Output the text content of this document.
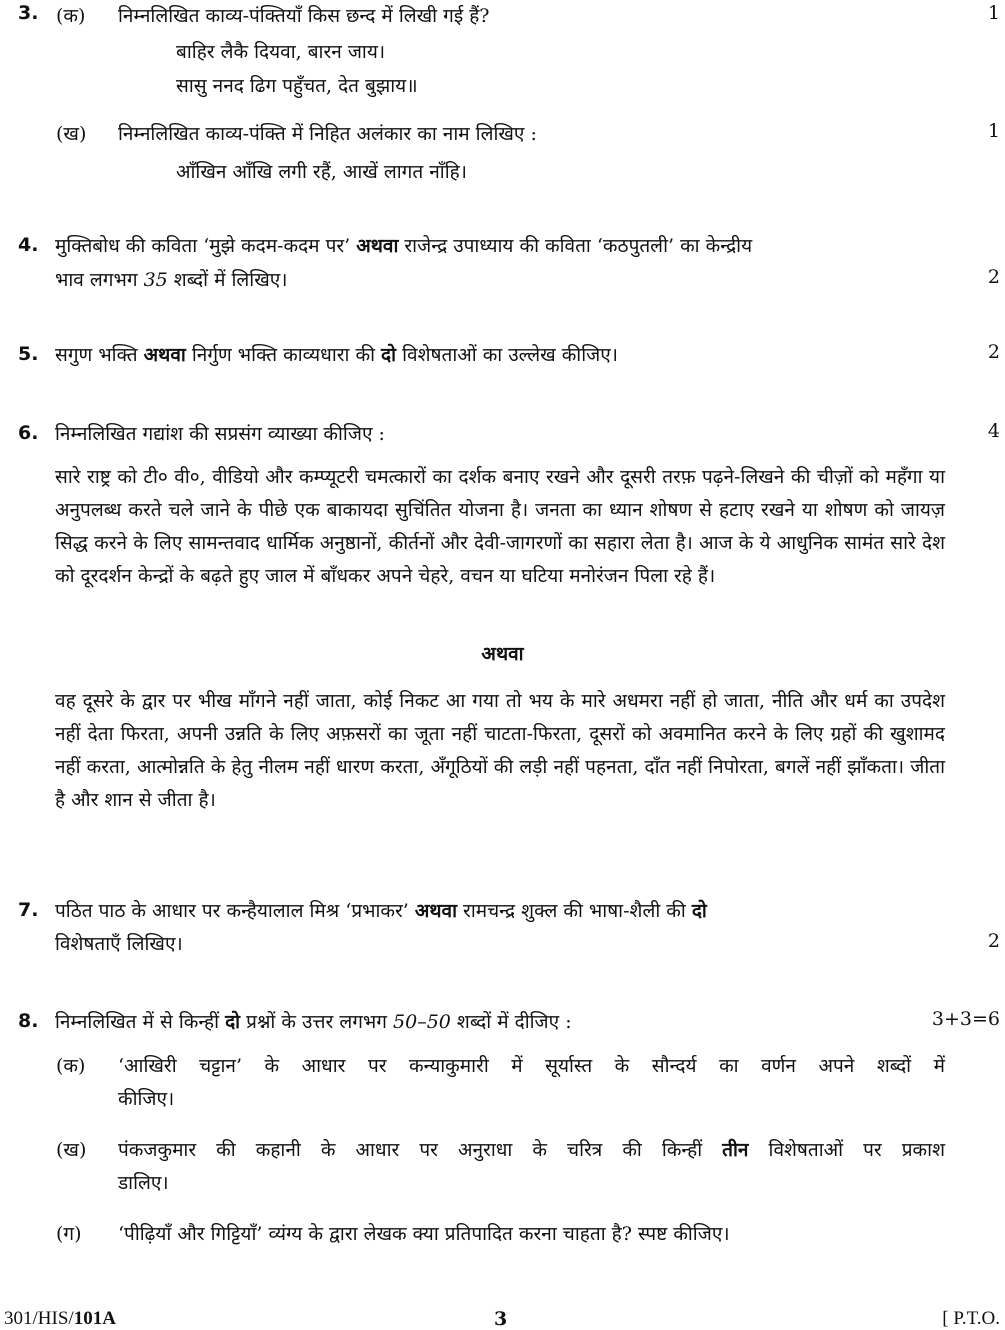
3. (क) निम्नलिखित काव्य-पंक्तियाँ किस छन्द में लिखी गई हैं?	1
बाहिर लैकै दियवा, बारन जाय।
सासु ननद ढिग पहुँचत, देत बुझाय॥
(ख) निम्नलिखित काव्य-पंक्ति में निहित अलंकार का नाम लिखिए :	1
आँखिन आँखि लगी रहैं, आखें लागत नाँहि।
4. मुक्तिबोध की कविता ‘मुझे कदम-कदम पर’ अथवा राजेन्द्र उपाध्याय की कविता ‘कठपुतली’ का केन्द्रीय
भाव लगभग 35 शब्दों में लिखिए।	2
5. सगुण भक्ति अथवा निर्गुण भक्ति काव्यधारा की दो विशेषताओं का उल्लेख कीजिए।	2
6. निम्नलिखित गद्यांश की सप्रसंग व्याख्या कीजिए :	4
सारे राष्ट्र को टी० वी०, वीडियो और कम्प्यूटरी चमत्कारों का दर्शक बनाए रखने और दूसरी तरफ़ पढ़ने-लिखने की चीज़ों को महँगा या अनुपलब्ध करते चले जाने के पीछे एक बाकायदा सुचिंतित योजना है। जनता का ध्यान शोषण से हटाए रखने या शोषण को जायज़ सिद्ध करने के लिए सामन्तवाद धार्मिक अनुष्ठानों, कीर्तनों और देवी-जागरणों का सहारा लेता है। आज के ये आधुनिक सामंत सारे देश को दूरदर्शन केन्द्रों के बढ़ते हुए जाल में बाँधकर अपने चेहरे, वचन या घटिया मनोरंजन पिला रहे हैं।
अथवा
वह दूसरे के द्वार पर भीख माँगने नहीं जाता, कोई निकट आ गया तो भय के मारे अधमरा नहीं हो जाता, नीति और धर्म का उपदेश नहीं देता फिरता, अपनी उन्नति के लिए अफ़सरों का जूता नहीं चाटता-फिरता, दूसरों को अवमानित करने के लिए ग्रहों की खुशामद नहीं करता, आत्मोन्नति के हेतु नीलम नहीं धारण करता, अँगूठियों की लड़ी नहीं पहनता, दाँत नहीं निपोरता, बगलें नहीं झाँकता। जीता है और शान से जीता है।
7. पठित पाठ के आधार पर कन्हैयालाल मिश्र ‘प्रभाकर’ अथवा रामचन्द्र शुक्ल की भाषा-शैली की दो
विशेषताएँ लिखिए।	2
8. निम्नलिखित में से किन्हीं दो प्रश्नों के उत्तर लगभग 50–50 शब्दों में दीजिए :	3+3=6
(क) ‘आखिरी चट्टान’ के आधार पर कन्याकुमारी में सूर्यास्त के सौन्दर्य का वर्णन अपने शब्दों में
कीजिए।
(ख) पंकजकुमार की कहानी के आधार पर अनुराधा के चरित्र की किन्हीं तीन विशेषताओं पर प्रकाश
डालिए।
(ग) ‘पीढ़ियाँ और गिट्टियाँ’ व्यंग्य के द्वारा लेखक क्या प्रतिपादित करना चाहता है? स्पष्ट कीजिए।
301/HIS/101A	3	[ P.T.O.
